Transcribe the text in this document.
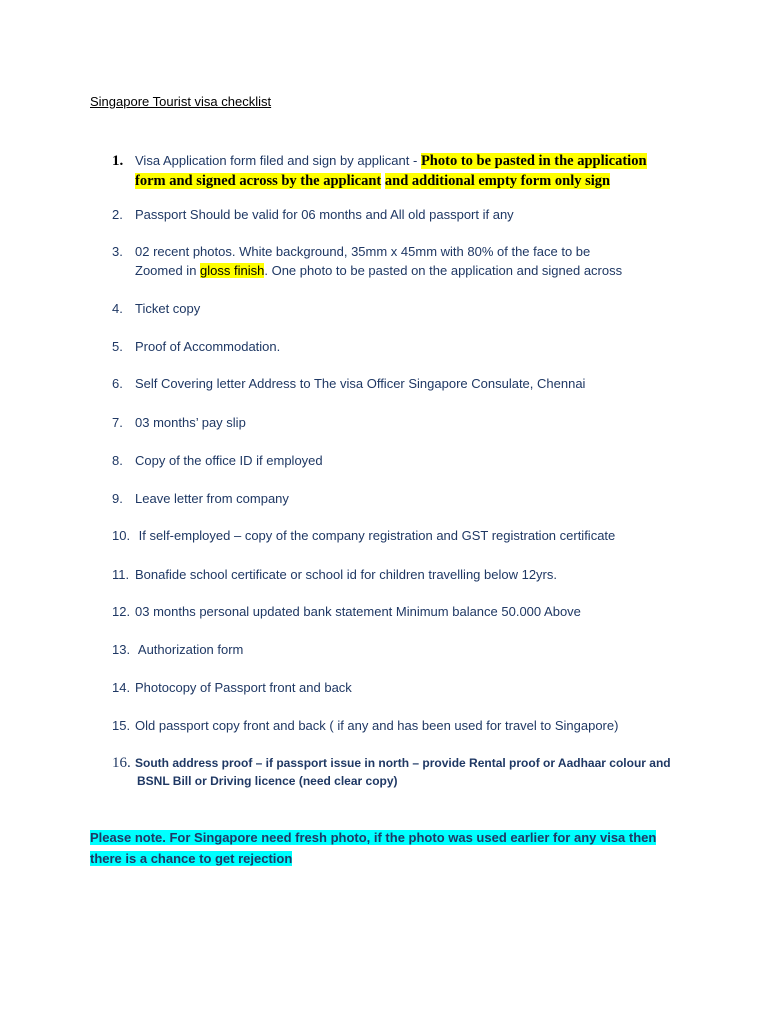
Singapore Tourist visa checklist
1. Visa Application form filed and sign by applicant - Photo to be pasted in the application
form and signed across by the applicant and additional empty form only sign
2. Passport Should be valid for 06 months and All old passport if any
3. 02 recent photos. White background, 35mm x 45mm with 80% of the face to be
Zoomed in gloss finish. One photo to be pasted on the application and signed across
4. Ticket copy
5. Proof of Accommodation.
6. Self Covering letter Address to The visa Officer Singapore Consulate, Chennai
7. 03 months’ pay slip
8. Copy of the office ID if employed
9. Leave letter from company
10. If self-employed – copy of the company registration and GST registration certificate
11. Bonafide school certificate or school id for children travelling below 12yrs.
12. 03 months personal updated bank statement Minimum balance 50.000 Above
13. Authorization form
14. Photocopy of Passport front and back
15. Old passport copy front and back ( if any and has been used for travel to Singapore)
16. South address proof – if passport issue in north – provide Rental proof or Aadhaar colour and
BSNL Bill or Driving licence (need clear copy)
Please note. For Singapore need fresh photo, if the photo was used earlier for any visa then
there is a chance to get rejection
